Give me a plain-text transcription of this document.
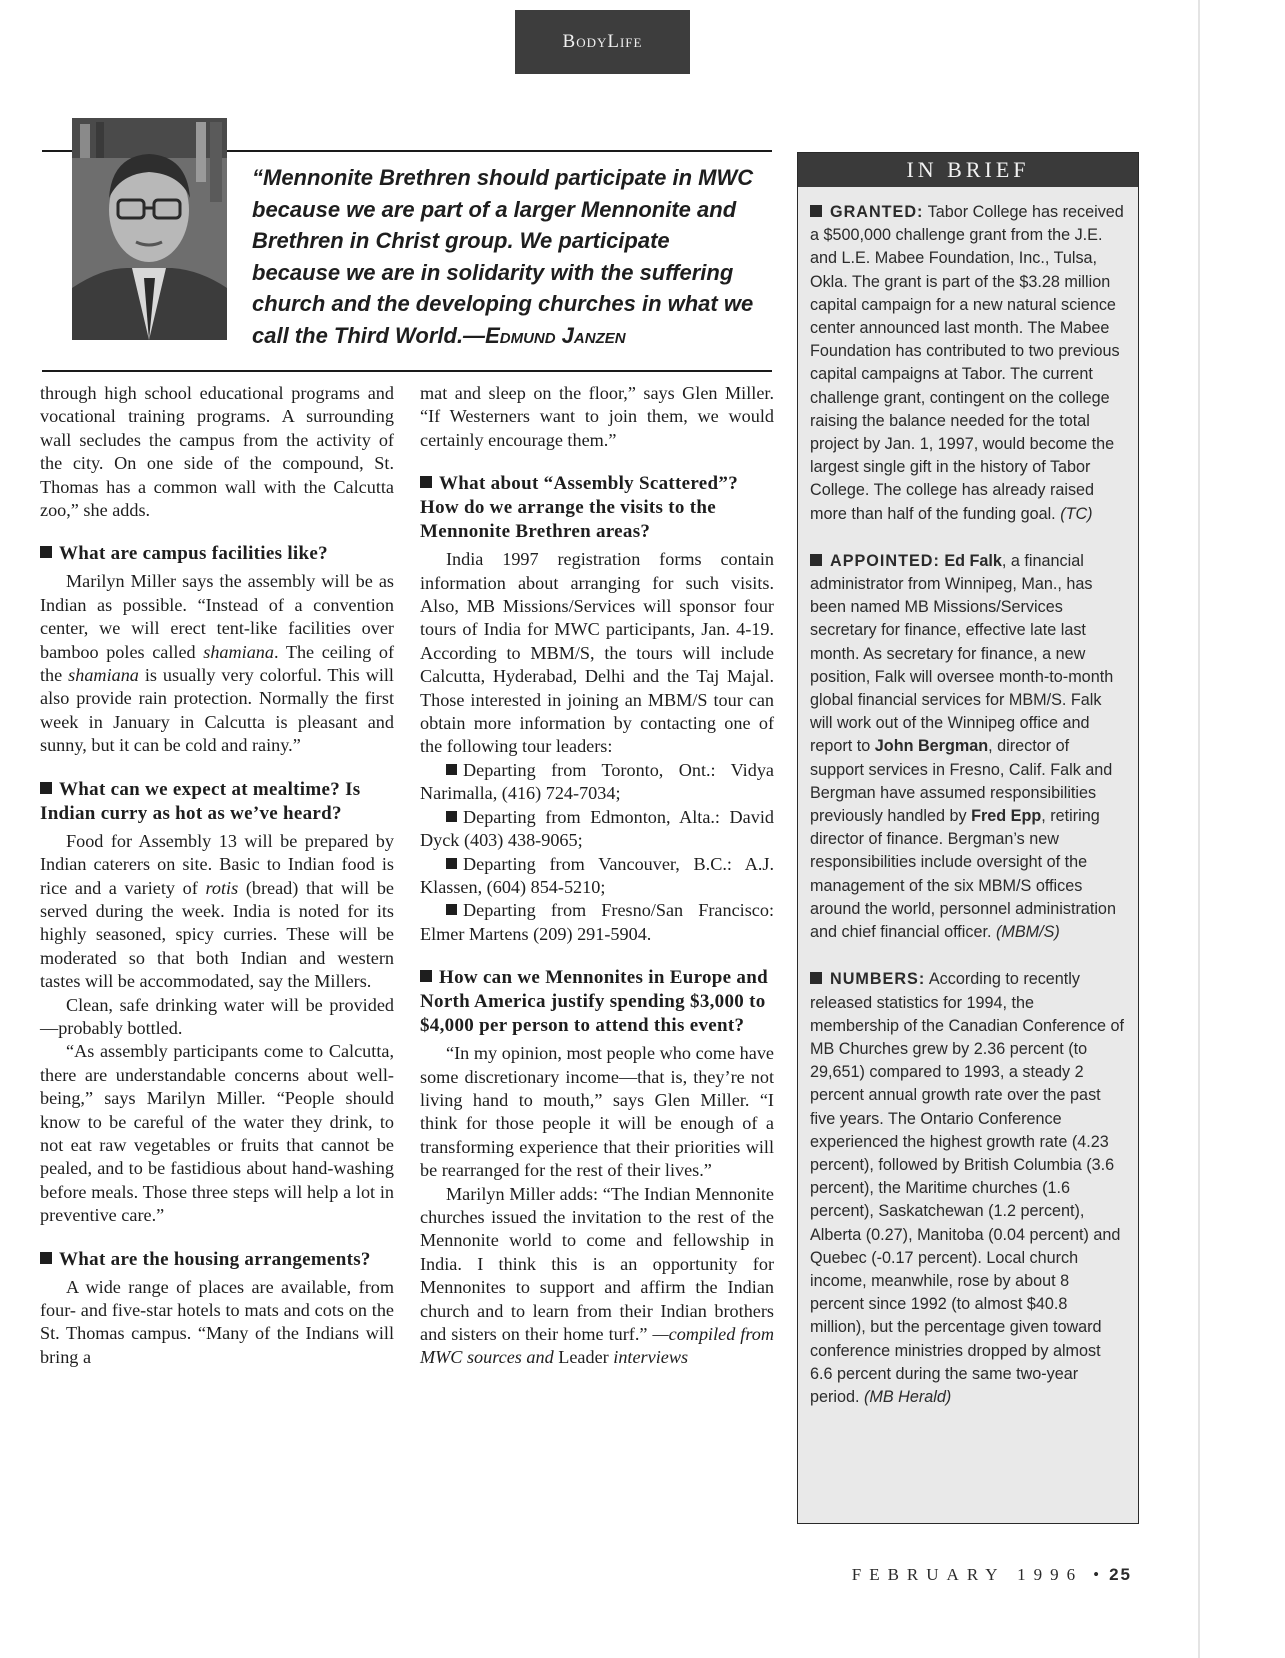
BodyLife
“Mennonite Brethren should participate in MWC because we are part of a larger Mennonite and Brethren in Christ group. We participate because we are in solidarity with the suffering church and the developing churches in what we call the Third World.—Edmund Janzen

through high school educational programs and vocational training programs. A surrounding wall secludes the campus from the activity of the city. On one side of the compound, St. Thomas has a common wall with the Calcutta zoo,” she adds.

What are campus facilities like?

Marilyn Miller says the assembly will be as Indian as possible. “Instead of a convention center, we will erect tent-like facilities over bamboo poles called shamiana. The ceiling of the shamiana is usually very colorful. This will also provide rain protection. Normally the first week in January in Calcutta is pleasant and sunny, but it can be cold and rainy.”

What can we expect at mealtime? Is Indian curry as hot as we’ve heard?

Food for Assembly 13 will be prepared by Indian caterers on site. Basic to Indian food is rice and a variety of rotis (bread) that will be served during the week. India is noted for its highly seasoned, spicy curries. These will be moderated so that both Indian and western tastes will be accommodated, say the Millers.

Clean, safe drinking water will be provided—probably bottled.

“As assembly participants come to Calcutta, there are understandable concerns about well-being,” says Marilyn Miller. “People should know to be careful of the water they drink, to not eat raw vegetables or fruits that cannot be pealed, and to be fastidious about hand-washing before meals. Those three steps will help a lot in preventive care.”

What are the housing arrangements?

A wide range of places are available, from four- and five-star hotels to mats and cots on the St. Thomas campus. “Many of the Indians will bring a

mat and sleep on the floor,” says Glen Miller. “If Westerners want to join them, we would certainly encourage them.”

What about “Assembly Scattered”? How do we arrange the visits to the Mennonite Brethren areas?

India 1997 registration forms contain information about arranging for such visits. Also, MB Missions/Services will sponsor four tours of India for MWC participants, Jan. 4-19. According to MBM/S, the tours will include Calcutta, Hyderabad, Delhi and the Taj Majal. Those interested in joining an MBM/S tour can obtain more information by contacting one of the following tour leaders:

Departing from Toronto, Ont.: Vidya Narimalla, (416) 724-7034;

Departing from Edmonton, Alta.: David Dyck (403) 438-9065;

Departing from Vancouver, B.C.: A.J. Klassen, (604) 854-5210;

Departing from Fresno/San Francisco: Elmer Martens (209) 291-5904.

How can we Mennonites in Europe and North America justify spending $3,000 to $4,000 per person to attend this event?

“In my opinion, most people who come have some discretionary income—that is, they’re not living hand to mouth,” says Glen Miller. “I think for those people it will be enough of a transforming experience that their priorities will be rearranged for the rest of their lives.”

Marilyn Miller adds: “The Indian Mennonite churches issued the invitation to the rest of the Mennonite world to come and fellowship in India. I think this is an opportunity for Mennonites to support and affirm the Indian church and to learn from their Indian brothers and sisters on their home turf.” —compiled from MWC sources and Leader interviews

IN BRIEF

GRANTED: Tabor College has received a $500,000 challenge grant from the J.E. and L.E. Mabee Foundation, Inc., Tulsa, Okla. The grant is part of the $3.28 million capital campaign for a new natural science center announced last month. The Mabee Foundation has contributed to two previous capital campaigns at Tabor. The current challenge grant, contingent on the college raising the balance needed for the total project by Jan. 1, 1997, would become the largest single gift in the history of Tabor College. The college has already raised more than half of the funding goal. (TC)

APPOINTED: Ed Falk, a financial administrator from Winnipeg, Man., has been named MB Missions/Services secretary for finance, effective late last month. As secretary for finance, a new position, Falk will oversee month-to-month global financial services for MBM/S. Falk will work out of the Winnipeg office and report to John Bergman, director of support services in Fresno, Calif. Falk and Bergman have assumed responsibilities previously handled by Fred Epp, retiring director of finance. Bergman’s new responsibilities include oversight of the management of the six MBM/S offices around the world, personnel administration and chief financial officer. (MBM/S)

NUMBERS: According to recently released statistics for 1994, the membership of the Canadian Conference of MB Churches grew by 2.36 percent (to 29,651) compared to 1993, a steady 2 percent annual growth rate over the past five years. The Ontario Conference experienced the highest growth rate (4.23 percent), followed by British Columbia (3.6 percent), the Maritime churches (1.6 percent), Saskatchewan (1.2 percent), Alberta (0.27), Manitoba (0.04 percent) and Quebec (-0.17 percent). Local church income, meanwhile, rose by about 8 percent since 1992 (to almost $40.8 million), but the percentage given toward conference ministries dropped by almost 6.6 percent during the same two-year period. (MB Herald)

FEBRUARY 1996 • 25
